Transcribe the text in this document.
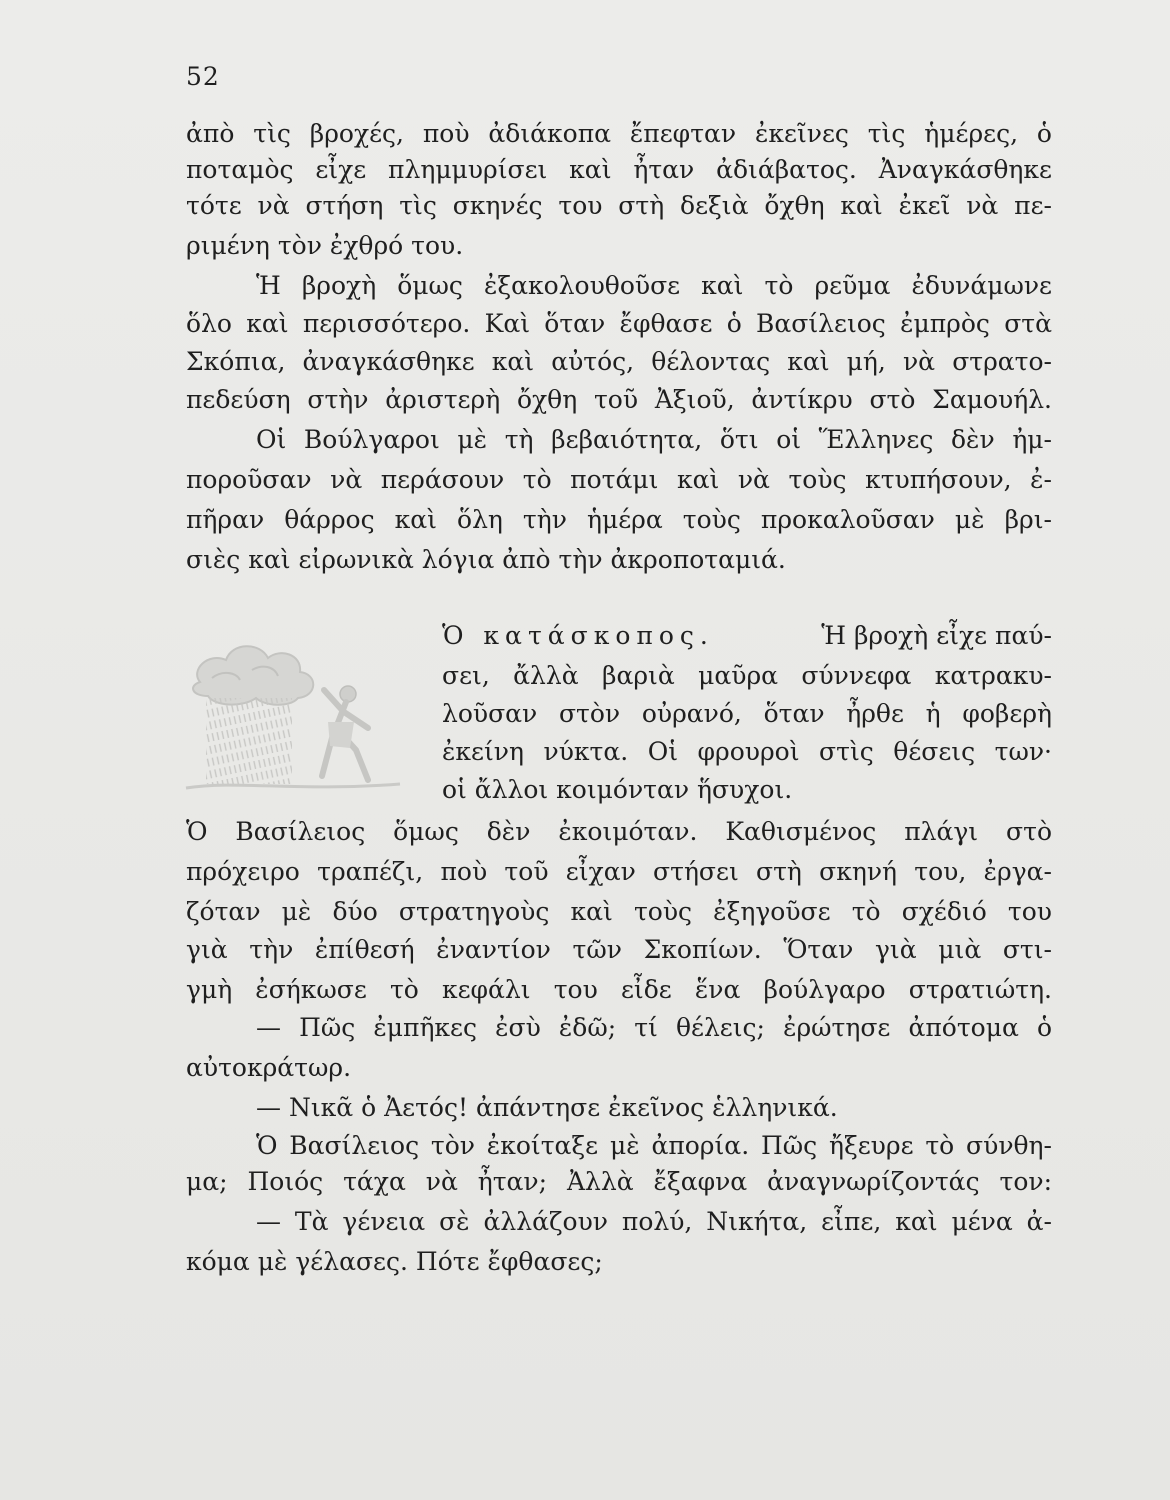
52
ἀπὸ τὶς βροχές, ποὺ ἀδιάκοπα ἔπεφταν ἐκεῖνες τὶς ἡμέρες, ὁ
ποταμὸς εἶχε πλημμυρίσει καὶ ἦταν ἀδιάβατος. Ἀναγκάσθηκε
τότε νὰ στήση τὶς σκηνές του στὴ δεξιὰ ὄχθη καὶ ἐκεῖ νὰ πε-
ριμένη τὸν ἐχθρό του.
Ἡ βροχὴ ὅμως ἐξακολουθοῦσε καὶ τὸ ρεῦμα ἐδυνάμωνε
ὅλο καὶ περισσότερο. Καὶ ὅταν ἔφθασε ὁ Βασίλειος ἐμπρὸς στὰ
Σκόπια, ἀναγκάσθηκε καὶ αὐτός, θέλοντας καὶ μή, νὰ στρατο-
πεδεύση στὴν ἀριστερὴ ὄχθη τοῦ Ἀξιοῦ, ἀντίκρυ στὸ Σαμουήλ.
Οἱ Βούλγαροι μὲ τὴ βεβαιότητα, ὅτι οἱ Ἕλληνες δὲν ἠμ-
ποροῦσαν νὰ περάσουν τὸ ποτάμι καὶ νὰ τοὺς κτυπήσουν, ἐ-
πῆραν θάρρος καὶ ὅλη τὴν ἡμέρα τοὺς προκαλοῦσαν μὲ βρι-
σιὲς καὶ εἰρωνικὰ λόγια ἀπὸ τὴν ἀκροποταμιά.
Ὁ κατάσκοπος.	Ἡ βροχὴ εἶχε παύ-
σει, ἄλλὰ βαριὰ μαῦρα σύννεφα κατρακυ-
λοῦσαν στὸν οὐρανό, ὅταν ἦρθε ἡ φοβερὴ
ἐκείνη νύκτα. Οἱ φρουροὶ στὶς θέσεις των·
οἱ ἄλλοι κοιμόνταν ἥσυχοι.
Ὁ Βασίλειος ὅμως δὲν ἐκοιμόταν. Καθισμένος πλάγι στὸ
πρόχειρο τραπέζι, ποὺ τοῦ εἶχαν στήσει στὴ σκηνή του, ἐργα-
ζόταν μὲ δύο στρατηγοὺς καὶ τοὺς ἐξηγοῦσε τὸ σχέδιό του
γιὰ τὴν ἐπίθεσή ἐναντίον τῶν Σκοπίων. Ὅταν γιὰ μιὰ στι-
γμὴ ἐσήκωσε τὸ κεφάλι του εἶδε ἕνα βούλγαρο στρατιώτη.
— Πῶς ἐμπῆκες ἐσὺ ἐδῶ; τί θέλεις; ἐρώτησε ἀπότομα ὁ
αὐτοκράτωρ.
— Νικᾶ ὁ Ἀετός! ἀπάντησε ἐκεῖνος ἑλληνικά.
Ὁ Βασίλειος τὸν ἐκοίταξε μὲ ἀπορία. Πῶς ἤξευρε τὸ σύνθη-
μα; Ποιός τάχα νὰ ἦταν; Ἀλλὰ ἔξαφνα ἀναγνωρίζοντάς τον:
— Τὰ γένεια σὲ ἀλλάζουν πολύ, Νικήτα, εἶπε, καὶ μένα ἀ-
κόμα μὲ γέλασες. Πότε ἔφθασες;
